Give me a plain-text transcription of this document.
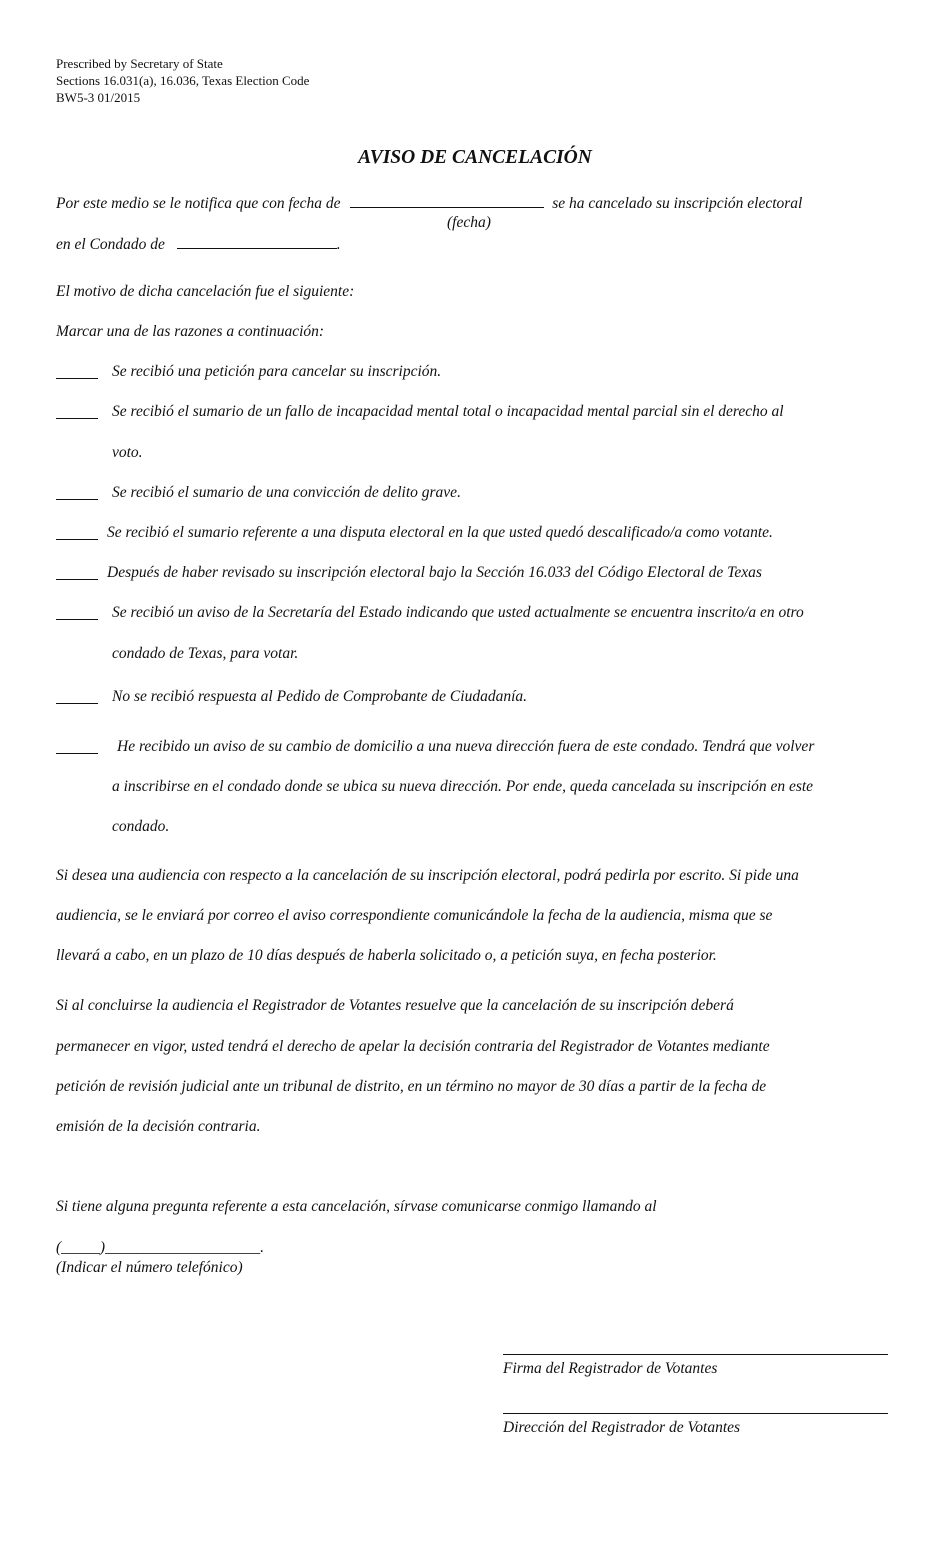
Prescribed by Secretary of State
Sections 16.031(a), 16.036, Texas Election Code
BW5-3 01/2015
AVISO DE CANCELACIÓN
Por este medio se le notifica que con fecha de	se ha cancelado su inscripción electoral
(fecha)
en el Condado de	.
El motivo de dicha cancelación fue el siguiente:
Marcar una de las razones a continuación:
Se recibió una petición para cancelar su inscripción.
Se recibió el sumario de un fallo de incapacidad mental total o incapacidad mental parcial sin el derecho al
voto.
Se recibió el sumario de una convicción de delito grave.
Se recibió el sumario referente a una disputa electoral en la que usted quedó descalificado/a como votante.
Después de haber revisado su inscripción electoral bajo la Sección 16.033 del Código Electoral de Texas
Se recibió un aviso de la Secretaría del Estado indicando que usted actualmente se encuentra inscrito/a en otro
condado de Texas, para votar.
No se recibió respuesta al Pedido de Comprobante de Ciudadanía.
He recibido un aviso de su cambio de domicilio a una nueva dirección fuera de este condado. Tendrá que volver
a inscribirse en el condado donde se ubica su nueva dirección. Por ende, queda cancelada su inscripción en este
condado.
Si desea una audiencia con respecto a la cancelación de su inscripción electoral, podrá pedirla por escrito. Si pide una
audiencia, se le enviará por correo el aviso correspondiente comunicándole la fecha de la audiencia, misma que se
llevará a cabo, en un plazo de 10 días después de haberla solicitado o, a petición suya, en fecha posterior.
Si al concluirse la audiencia el Registrador de Votantes resuelve que la cancelación de su inscripción deberá
permanecer en vigor, usted tendrá el derecho de apelar la decisión contraria del Registrador de Votantes mediante
petición de revisión judicial ante un tribunal de distrito, en un término no mayor de 30 días a partir de la fecha de
emisión de la decisión contraria.
Si tiene alguna pregunta referente a esta cancelación, sírvase comunicarse conmigo llamando al
(_____)____________________.
(Indicar el número telefónico)
Firma del Registrador de Votantes
Dirección del Registrador de Votantes
